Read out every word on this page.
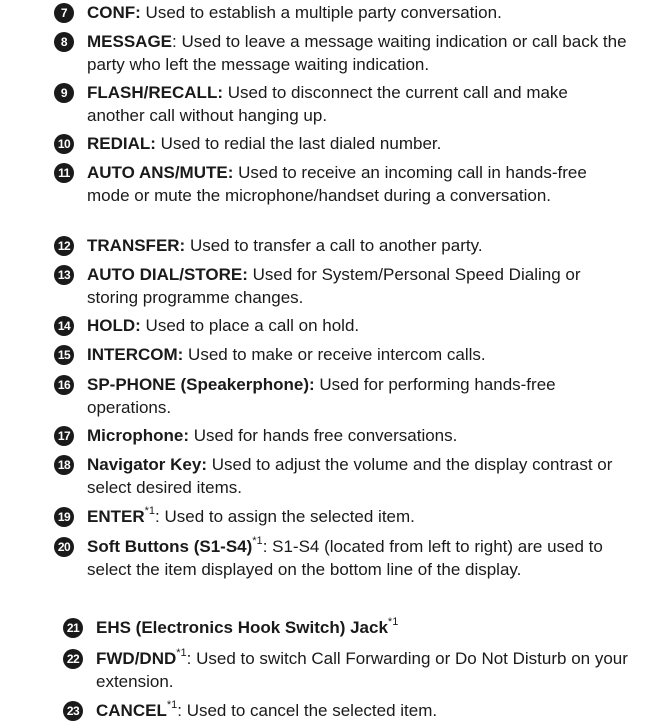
7	CONF: Used to establish a multiple party conversation.
8	MESSAGE: Used to leave a message waiting indication or call back the party who left the message waiting indication.
9	FLASH/RECALL: Used to disconnect the current call and make another call without hanging up.
10 REDIAL: Used to redial the last dialed number.
11 AUTO ANS/MUTE: Used to receive an incoming call in hands-free mode or mute the microphone/handset during a conversation.
12 TRANSFER: Used to transfer a call to another party.
13 AUTO DIAL/STORE: Used for System/Personal Speed Dialing or storing programme changes.
14 HOLD: Used to place a call on hold.
15 INTERCOM: Used to make or receive intercom calls.
16 SP-PHONE (Speakerphone): Used for performing hands-free operations.
17 Microphone: Used for hands free conversations.
18 Navigator Key: Used to adjust the volume and the display contrast or select desired items.
19 ENTER$^{*1}$: Used to assign the selected item.
20 Soft Buttons $(S1-S4)^{*1}$: S1-S4 (located from left to right) are used to select the item displayed on the bottom line of the display.
21 EHS (Electronics Hook Switch) Jack$^{*1}$
22 FWD/DND$^{*1}$: Used to switch Call Forwarding or Do Not Disturb on your extension.
23 CANCEL$^{*1}$: Used to cancel the selected item.
